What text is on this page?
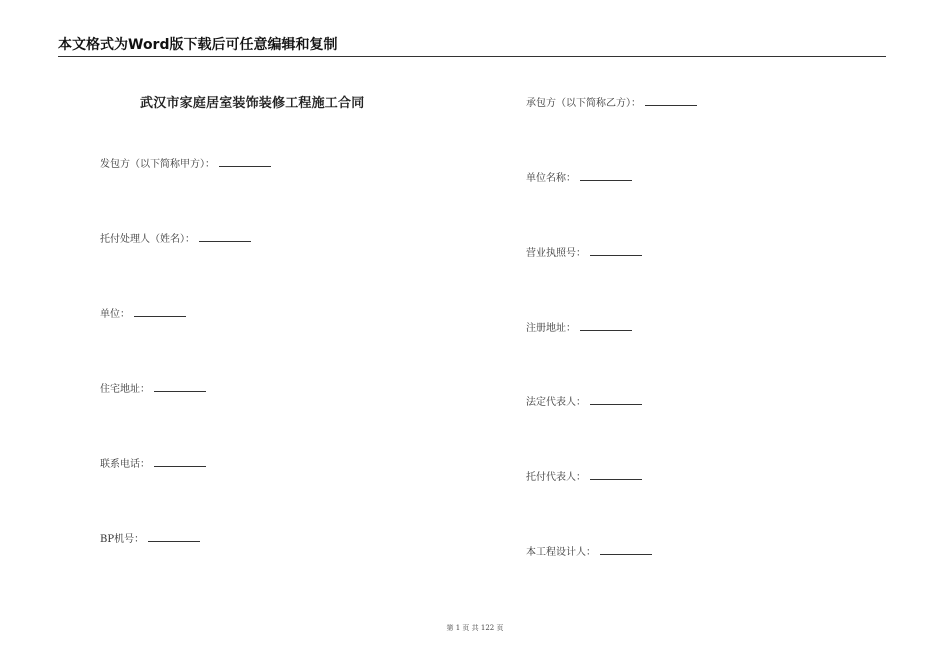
本文格式为Word版下载后可任意编辑和复制
武汉市家庭居室装饰装修工程施工合同
发包方（以下简称甲方）：
托付处理人（姓名）：
单位：
住宅地址：
联系电话：
BP机号：
承包方（以下简称乙方）：
单位名称：
营业执照号：
注册地址：
法定代表人：
托付代表人：
本工程设计人：
第 1 页 共 122 页
